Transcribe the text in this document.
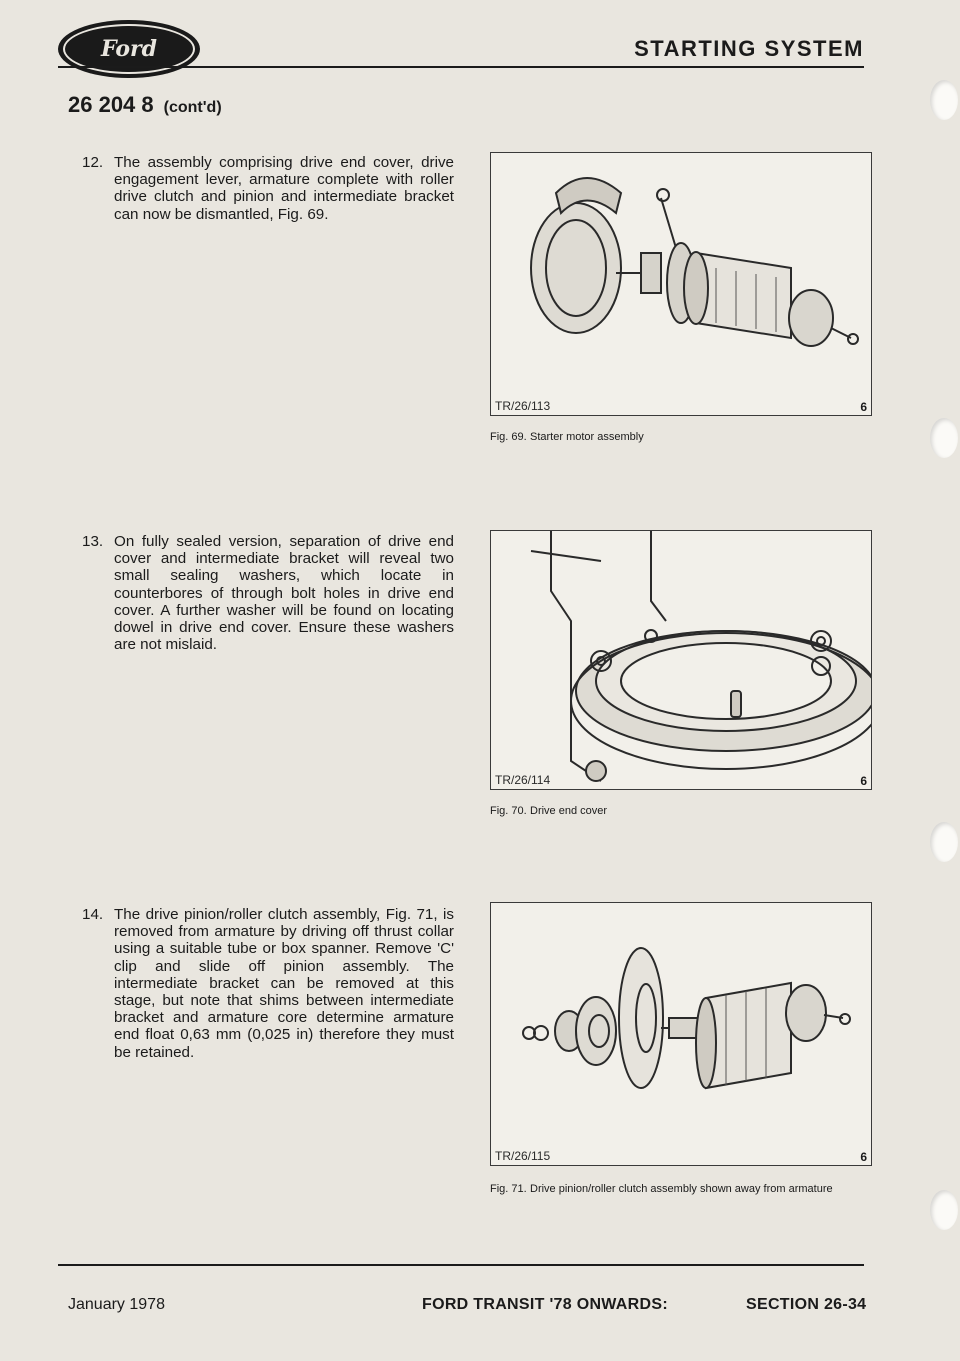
Ford	STARTING SYSTEM
26 204 8 (cont'd)
12. The assembly comprising drive end cover, drive engagement lever, armature complete with roller drive clutch and pinion and intermediate bracket can now be dismantled, Fig. 69.
13. On fully sealed version, separation of drive end cover and intermediate bracket will reveal two small sealing washers, which locate in counterbores of through bolt holes in drive end cover. A further washer will be found on locating dowel in drive end cover. Ensure these washers are not mislaid.
14. The drive pinion/roller clutch assembly, Fig. 71, is removed from armature by driving off thrust collar using a suitable tube or box spanner. Remove 'C' clip and slide off pinion assembly. The intermediate bracket can be removed at this stage, but note that shims between intermediate bracket and armature core determine armature end float 0,63 mm (0,025 in) therefore they must be retained.
TR/26/113	6
Fig. 69. Starter motor assembly
TR/26/114	6
Fig. 70. Drive end cover
TR/26/115	6
Fig. 71. Drive pinion/roller clutch assembly shown away from armature
January 1978	FORD TRANSIT '78 ONWARDS:	SECTION 26-34
